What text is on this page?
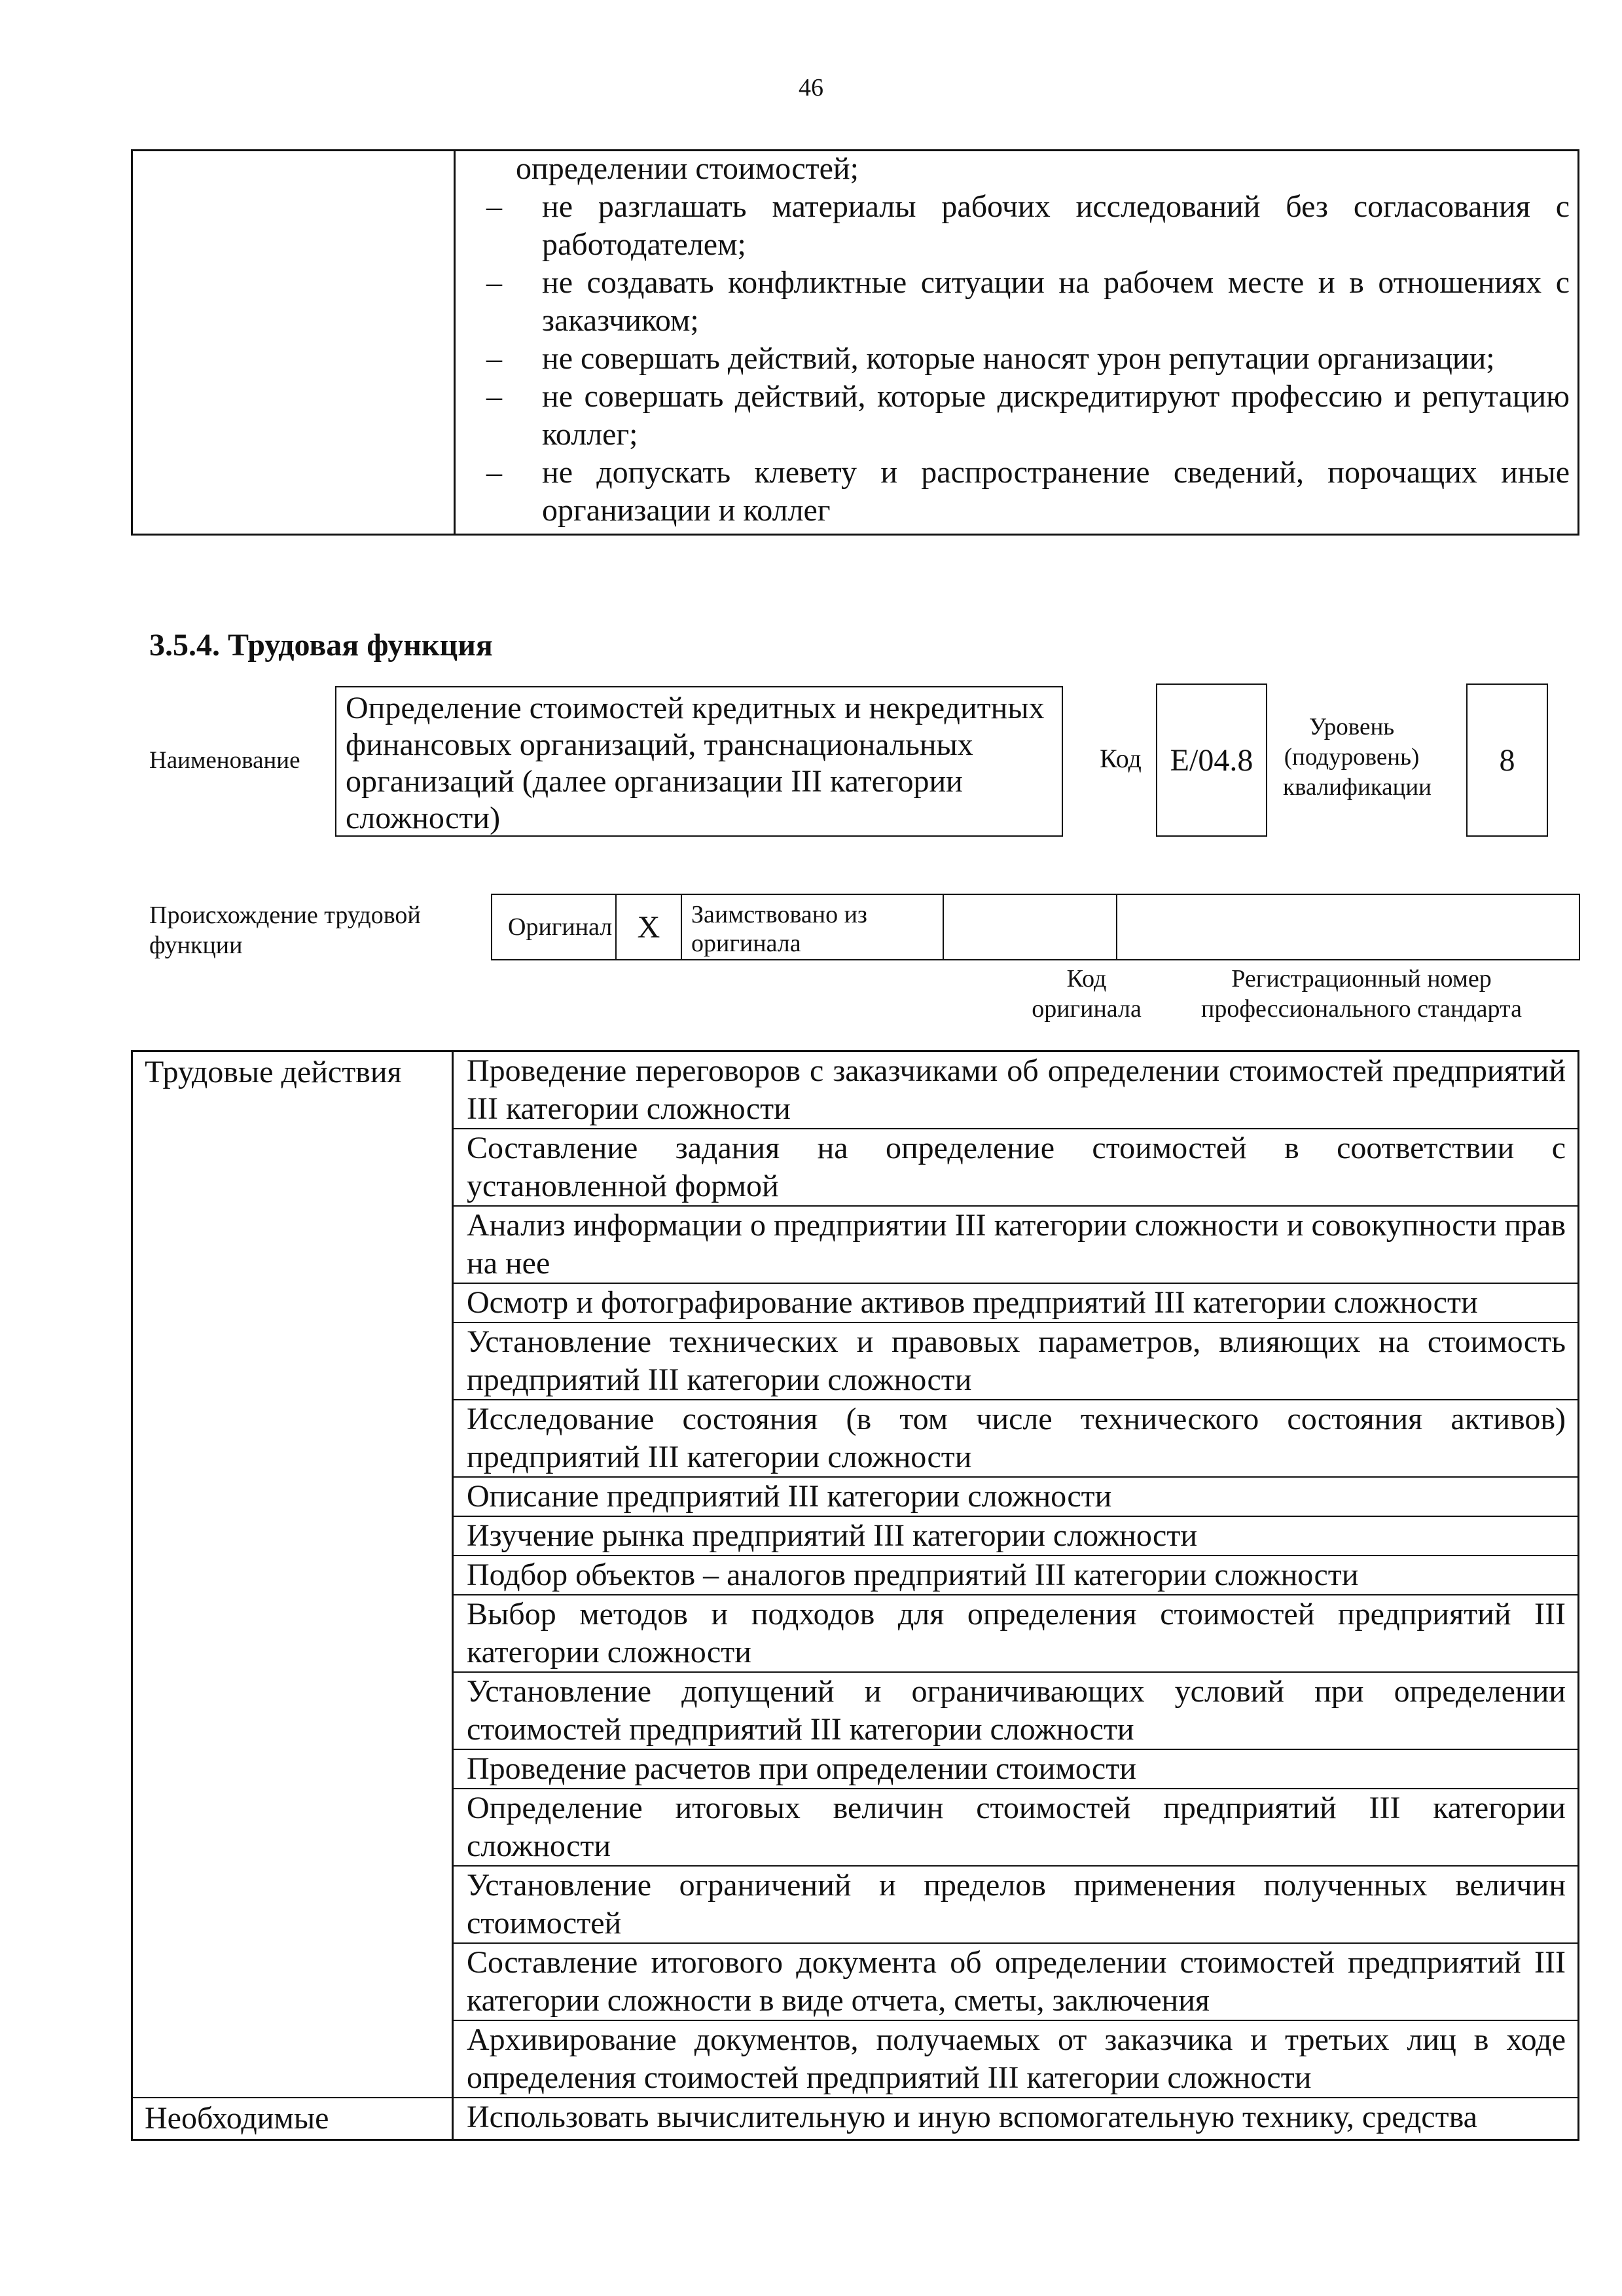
46
определении стоимостей;
–	не разглашать материалы рабочих исследований без согласования с работодателем;
–	не создавать конфликтные ситуации на рабочем месте и в отношениях с заказчиком;
–	не совершать действий, которые наносят урон репутации организации;
–	не совершать действий, которые дискредитируют профессию и репутацию коллег;
–	не допускать клевету и распространение сведений, порочащих иные организации и коллег
3.5.4. Трудовая функция
Наименование
Определение стоимостей кредитных и некредитных финансовых организаций, транснациональных организаций (далее организации III категории сложности)
Код E/04.8
Уровень (подуровень) квалификации
8
Происхождение трудовой функции
Оригинал X	Заимствовано из оригинала
Код оригинала
Регистрационный номер профессионального стандарта
Трудовые действия	Проведение переговоров с заказчиками об определении стоимостей предприятий III категории сложности
Составление задания на определение стоимостей в соответствии с установленной формой
Анализ информации о предприятии III категории сложности и совокупности прав на нее
Осмотр и фотографирование активов предприятий III категории сложности
Установление технических и правовых параметров, влияющих на стоимость предприятий III категории сложности
Исследование состояния (в том числе технического состояния активов) предприятий III категории сложности
Описание предприятий III категории сложности
Изучение рынка предприятий III категории сложности
Подбор объектов – аналогов предприятий III категории сложности
Выбор методов и подходов для определения стоимостей предприятий III категории сложности
Установление допущений и ограничивающих условий при определении стоимостей предприятий III категории сложности
Проведение расчетов при определении стоимости
Определение итоговых величин стоимостей предприятий III категории сложности
Установление ограничений и пределов применения полученных величин стоимостей
Составление итогового документа об определении стоимостей предприятий III категории сложности в виде отчета, сметы, заключения
Архивирование документов, получаемых от заказчика и третьих лиц в ходе определения стоимостей предприятий III категории сложности
Необходимые	Использовать вычислительную и иную вспомогательную технику, средства
